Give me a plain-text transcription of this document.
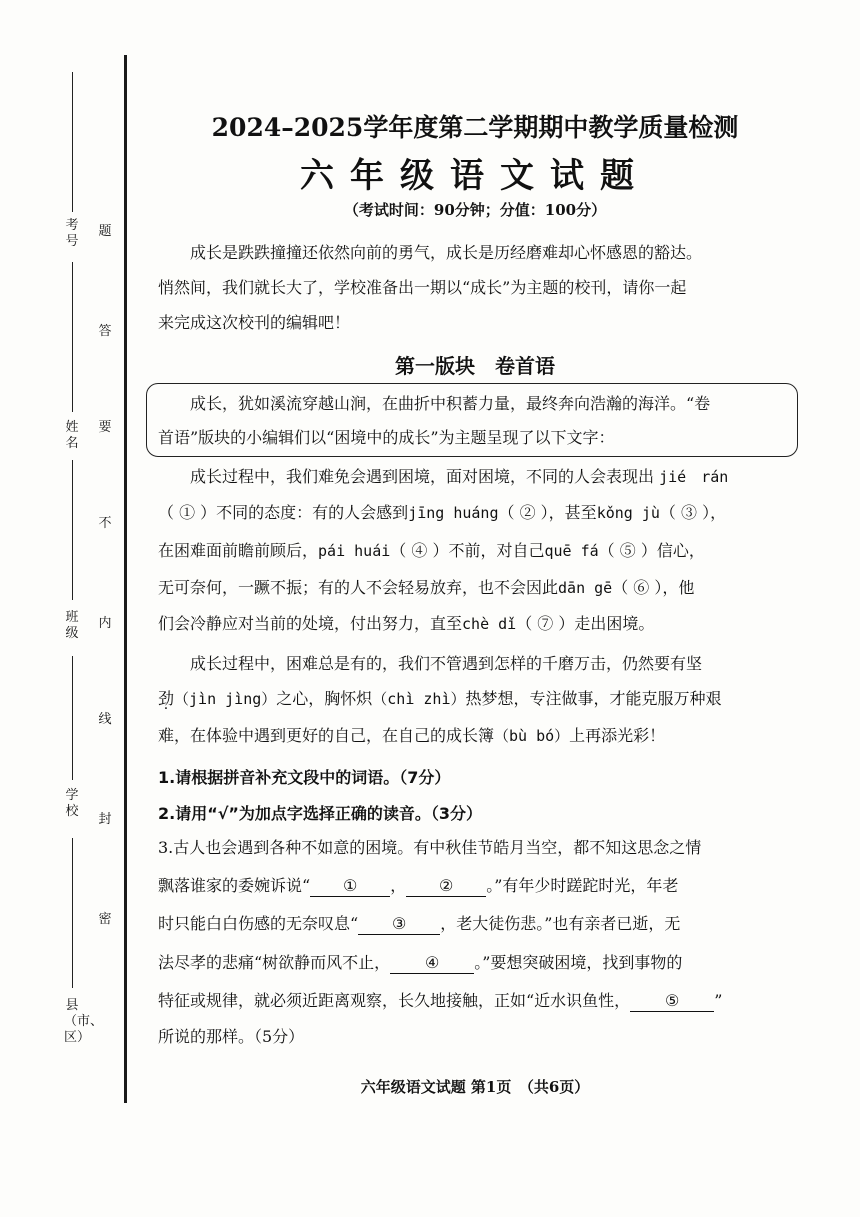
考号
姓名
班级
学校
县（市、区）
题
答
要
不
内
线
封
密
2024–2025学年度第二学期期中教学质量检测
六年级语文试题
（考试时间：90分钟；分值：100分）
成长是跌跌撞撞还依然向前的勇气，成长是历经磨难却心怀感恩的豁达。
悄然间，我们就长大了，学校准备出一期以“成长”为主题的校刊，请你一起
来完成这次校刊的编辑吧！
第一版块　卷首语
成长，犹如溪流穿越山涧，在曲折中积蓄力量，最终奔向浩瀚的海洋。“卷
首语”版块的小编辑们以“困境中的成长”为主题呈现了以下文字：
成长过程中，我们难免会遇到困境，面对困境，不同的人会表现出 jié　rán
（ ① ）不同的态度：有的人会感到jīng huáng（ ② ），甚至kǒng jù（ ③ ），
在困难面前瞻前顾后，pái huái（ ④ ）不前，对自己quē fá（ ⑤ ）信心，
无可奈何，一蹶不振；有的人不会轻易放弃，也不会因此dān gē（ ⑥ ），他
们会冷静应对当前的处境，付出努力，直至chè dǐ（ ⑦ ）走出困境。
成长过程中，困难总是有的，我们不管遇到怎样的千磨万击，仍然要有坚
劲（jìn jìng）之心，胸怀炽（chì zhì）热梦想，专注做事，才能克服万种艰
难，在体验中遇到更好的自己，在自己的成长簿（bù bó）上再添光彩！
1.请根据拼音补充文段中的词语。（7分）
2.请用“√”为加点字选择正确的读音。（3分）
3.古人也会遇到各种不如意的困境。有中秋佳节皓月当空，都不知这思念之情
飘落谁家的委婉诉说“ ① ， ② 。”有年少时蹉跎时光，年老
时只能白白伤感的无奈叹息“ ③ ，老大徒伤悲。”也有亲者已逝，无
法尽孝的悲痛“树欲静而风不止， ④ 。”要想突破困境，找到事物的
特征或规律，就必须近距离观察，长久地接触，正如“近水识鱼性， ⑤ ”
所说的那样。（5分）
六年级语文试题 第1页　（共6页）
